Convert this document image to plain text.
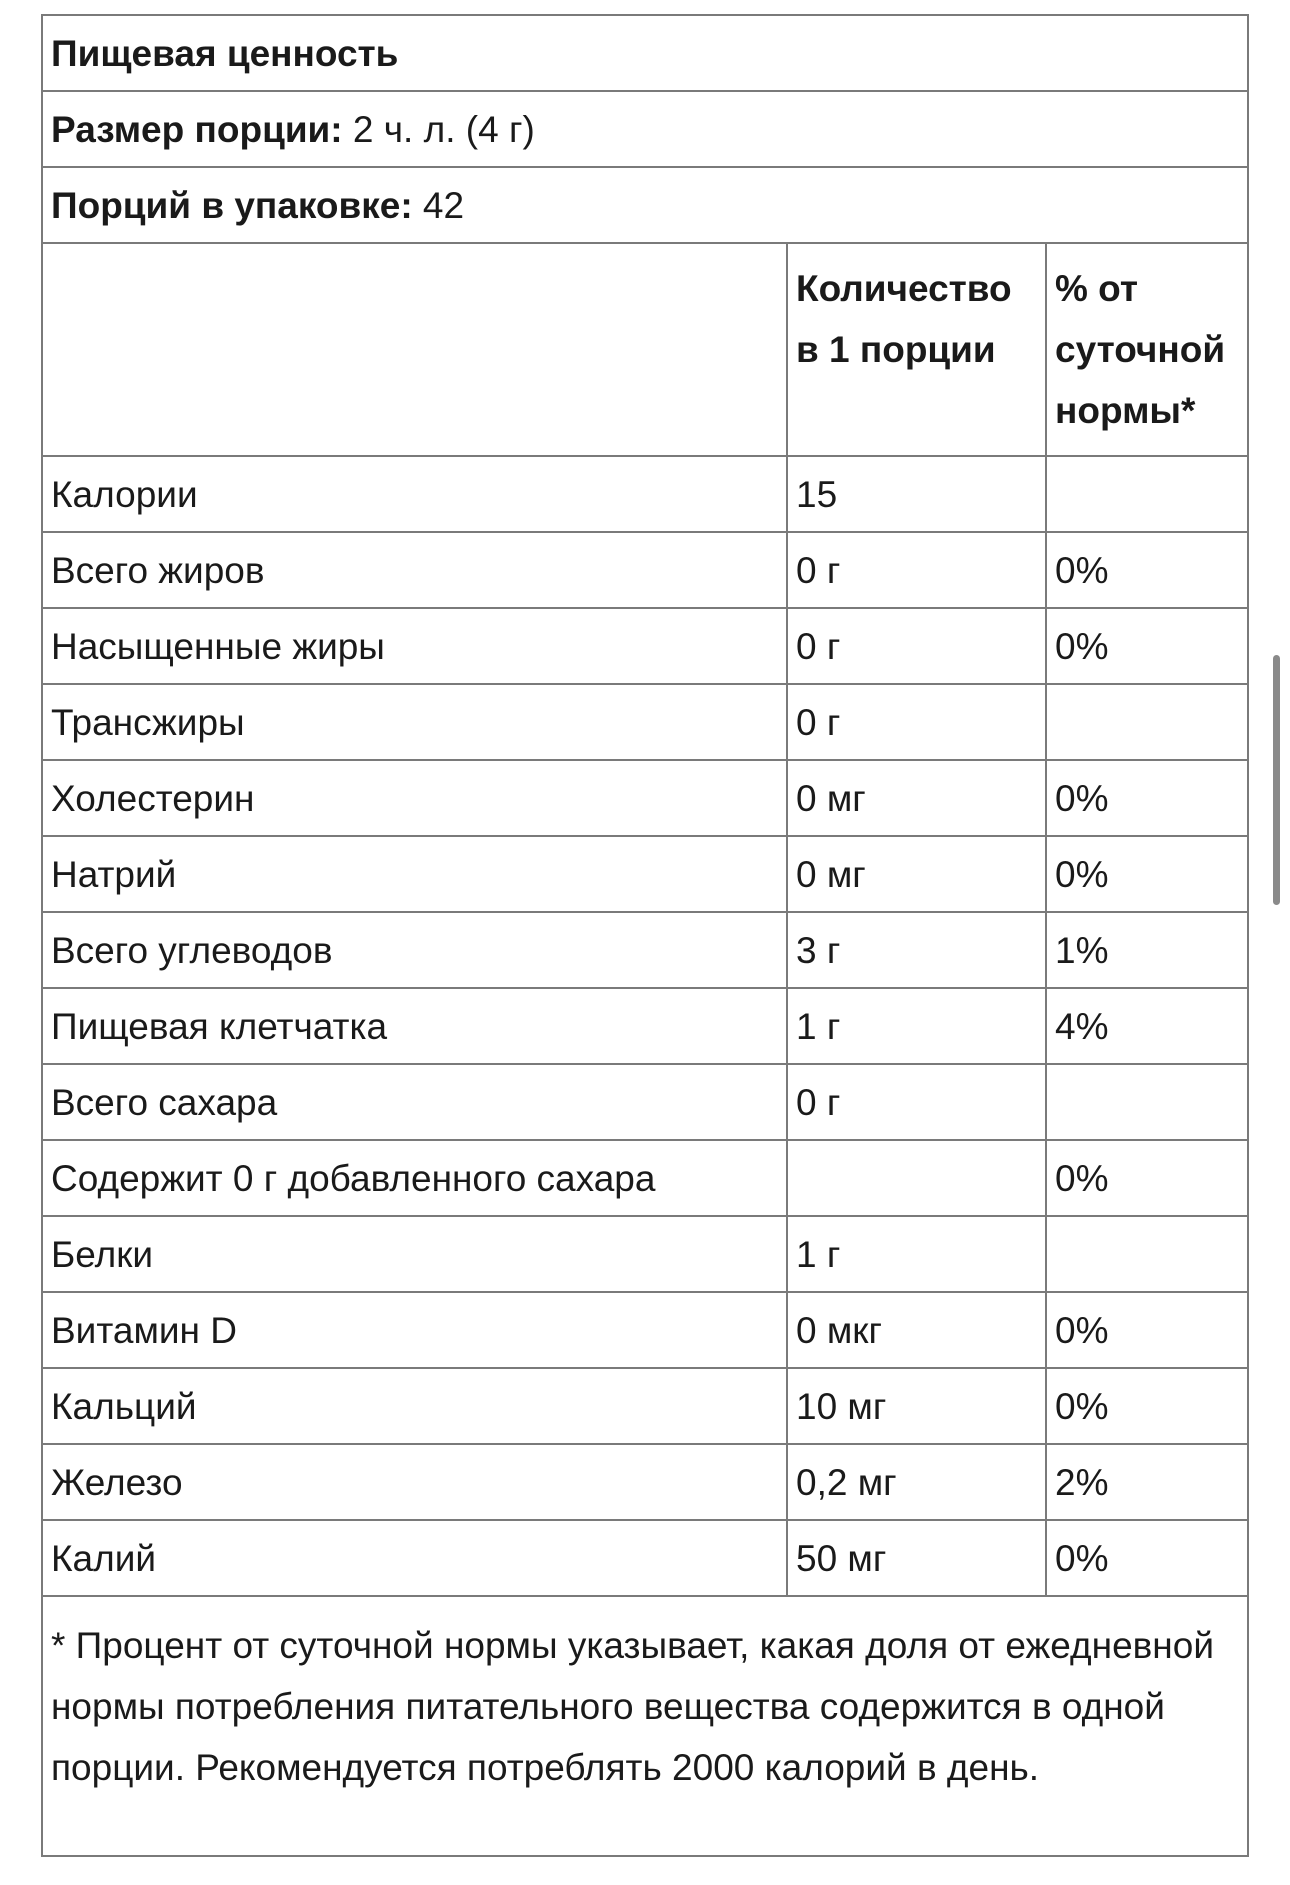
Пищевая ценность		
Размер порции: 2 ч. л. (4 г)		
Порций в упаковке: 42		
	Количество в 1 порции	% от суточной нормы*
Калории	15	
Всего жиров	0 г	0%
Насыщенные жиры	0 г	0%
Трансжиры	0 г	
Холестерин	0 мг	0%
Натрий	0 мг	0%
Всего углеводов	3 г	1%
Пищевая клетчатка	1 г	4%
Всего сахара	0 г	
Содержит 0 г добавленного сахара		0%
Белки	1 г	
Витамин D	0 мкг	0%
Кальций	10 мг	0%
Железо	0,2 мг	2%
Калий	50 мг	0%
* Процент от суточной нормы указывает, какая доля от ежедневной нормы потребления питательного вещества содержится в одной порции. Рекомендуется потреблять 2000 калорий в день.		
